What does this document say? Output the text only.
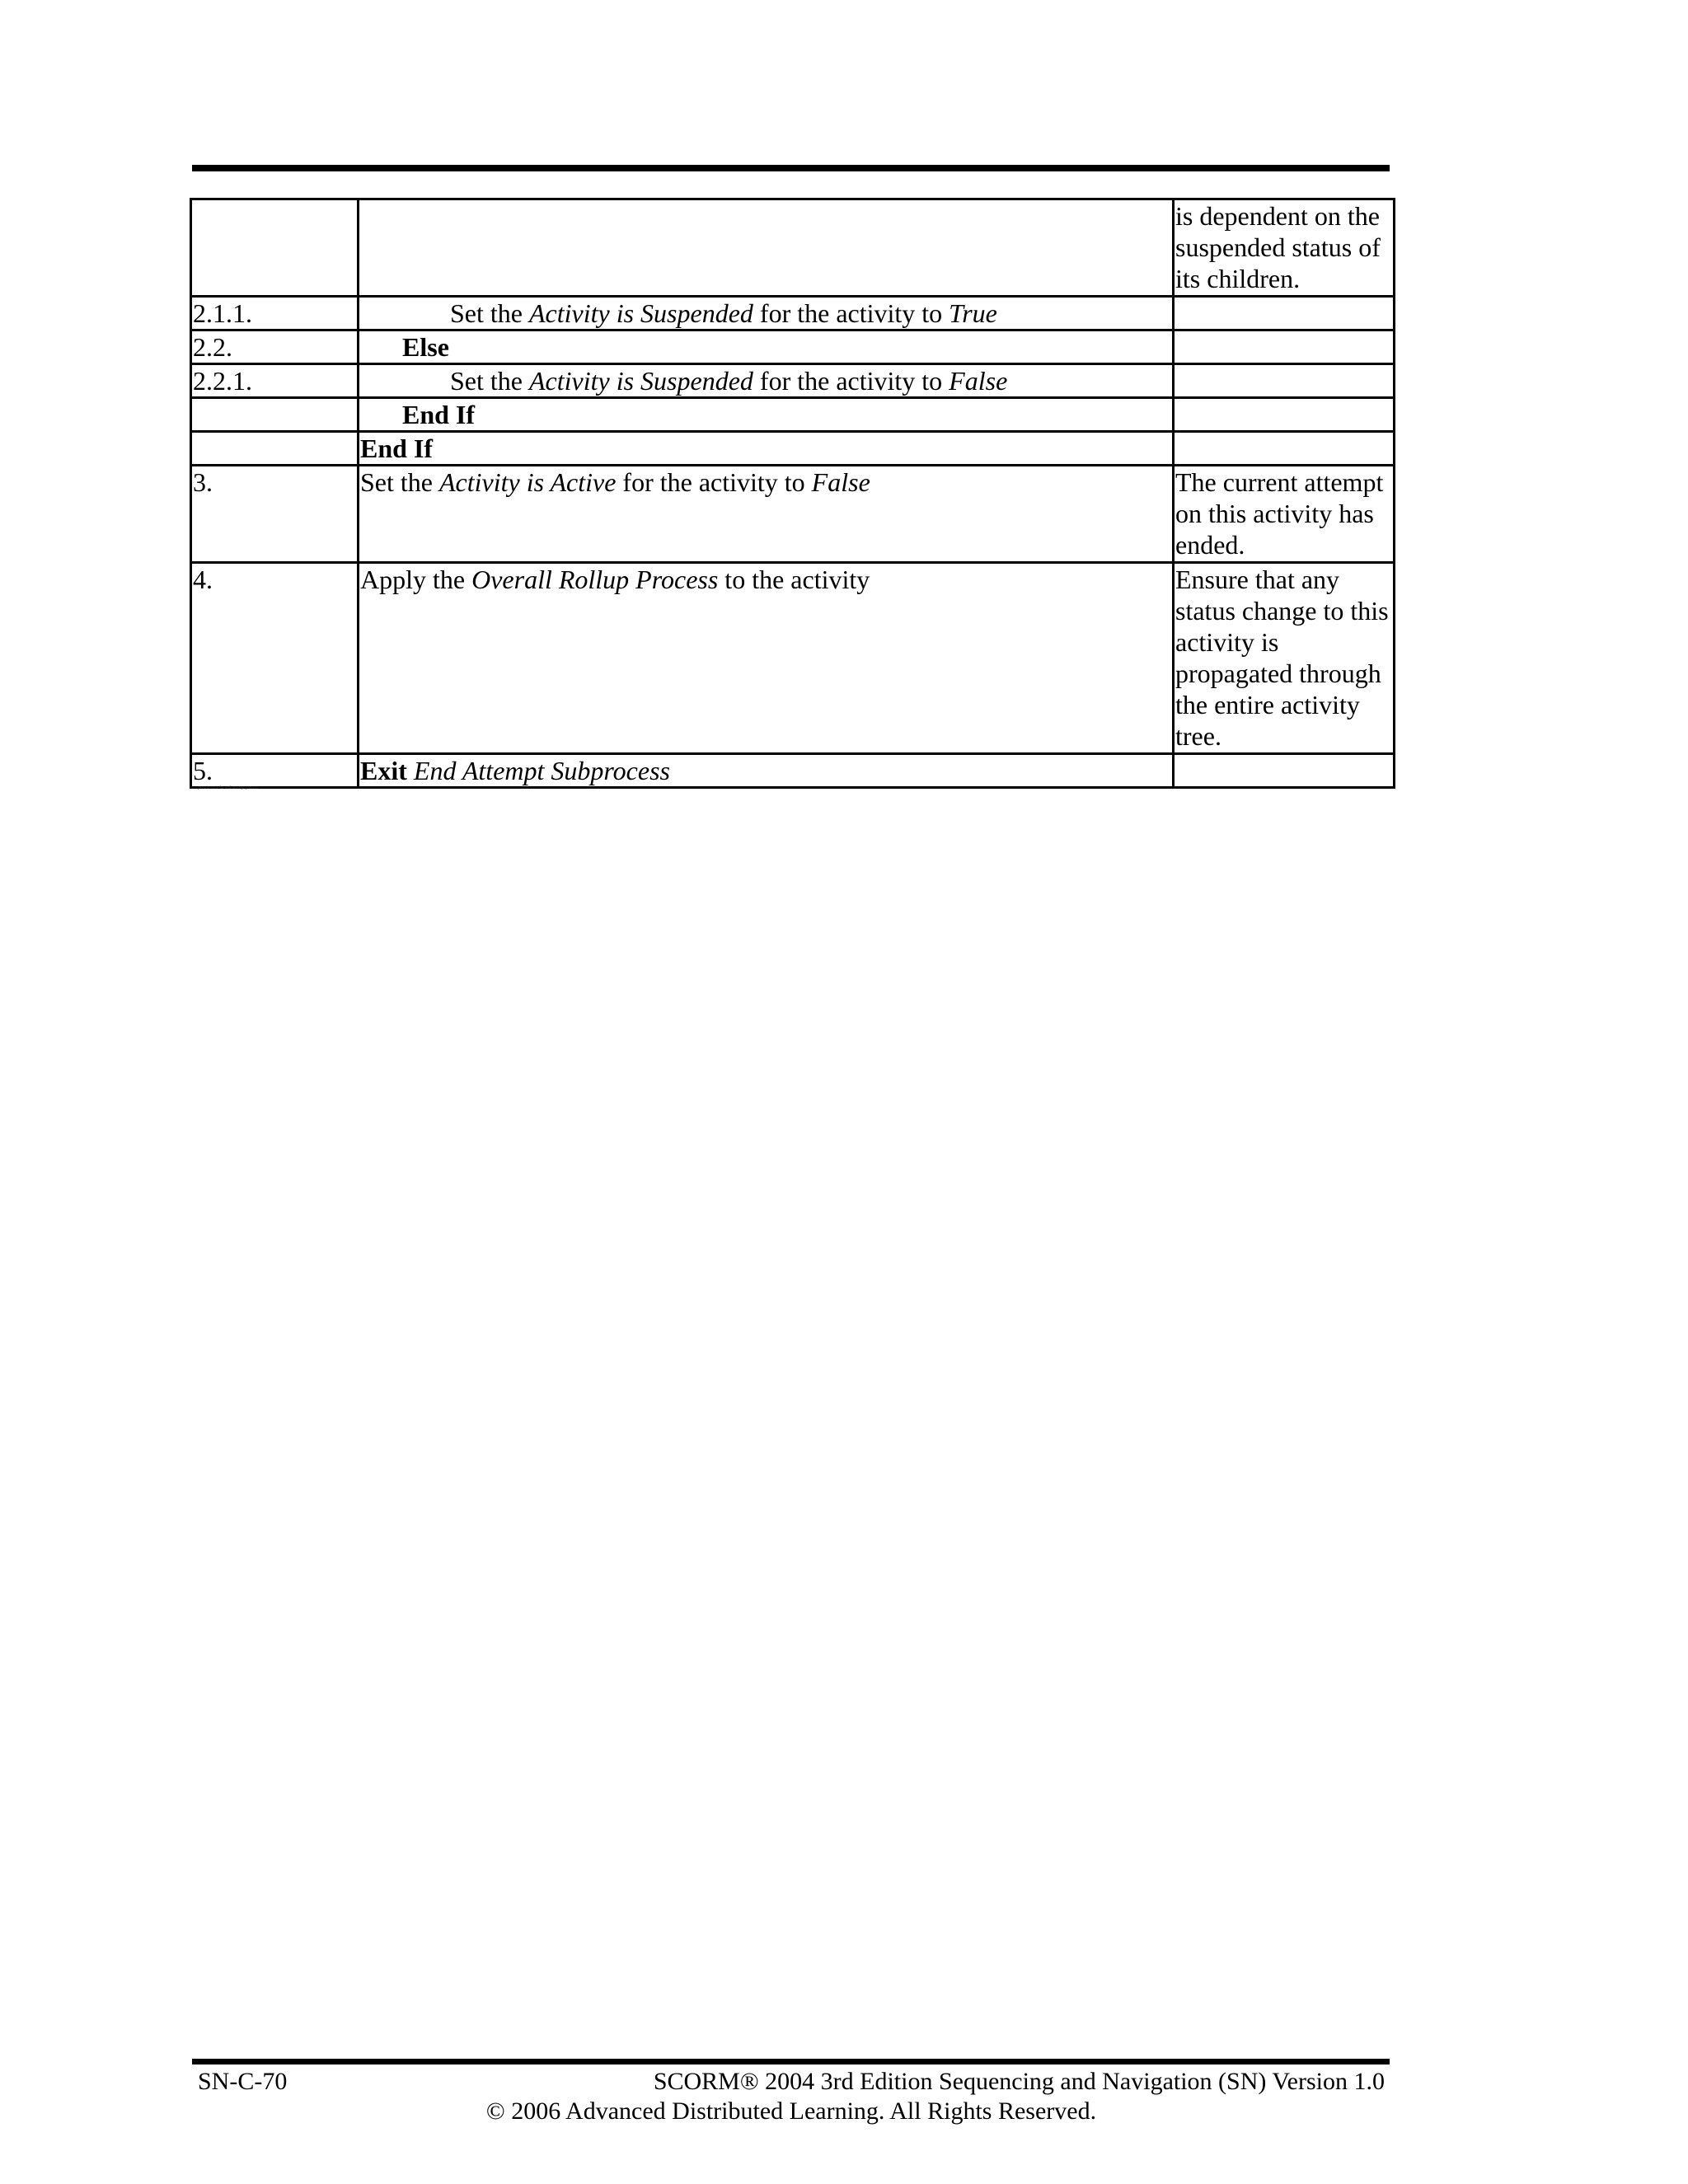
		is dependent on the suspended status of its children.
2.1.1.	Set the Activity is Suspended for the activity to True	
2.2.	Else	
2.2.1.	Set the Activity is Suspended for the activity to False	
	End If	
	End If	
3.	Set the Activity is Active for the activity to False	The current attempt on this activity has ended.
4.	Apply the Overall Rollup Process to the activity	Ensure that any status change to this activity is propagated through the entire activity tree.
5.	Exit End Attempt Subprocess	
pseudo code for end attempt process
SN-C-70	SCORM® 2004 3rd Edition Sequencing and Navigation (SN) Version 1.0
© 2006 Advanced Distributed Learning. All Rights Reserved.
